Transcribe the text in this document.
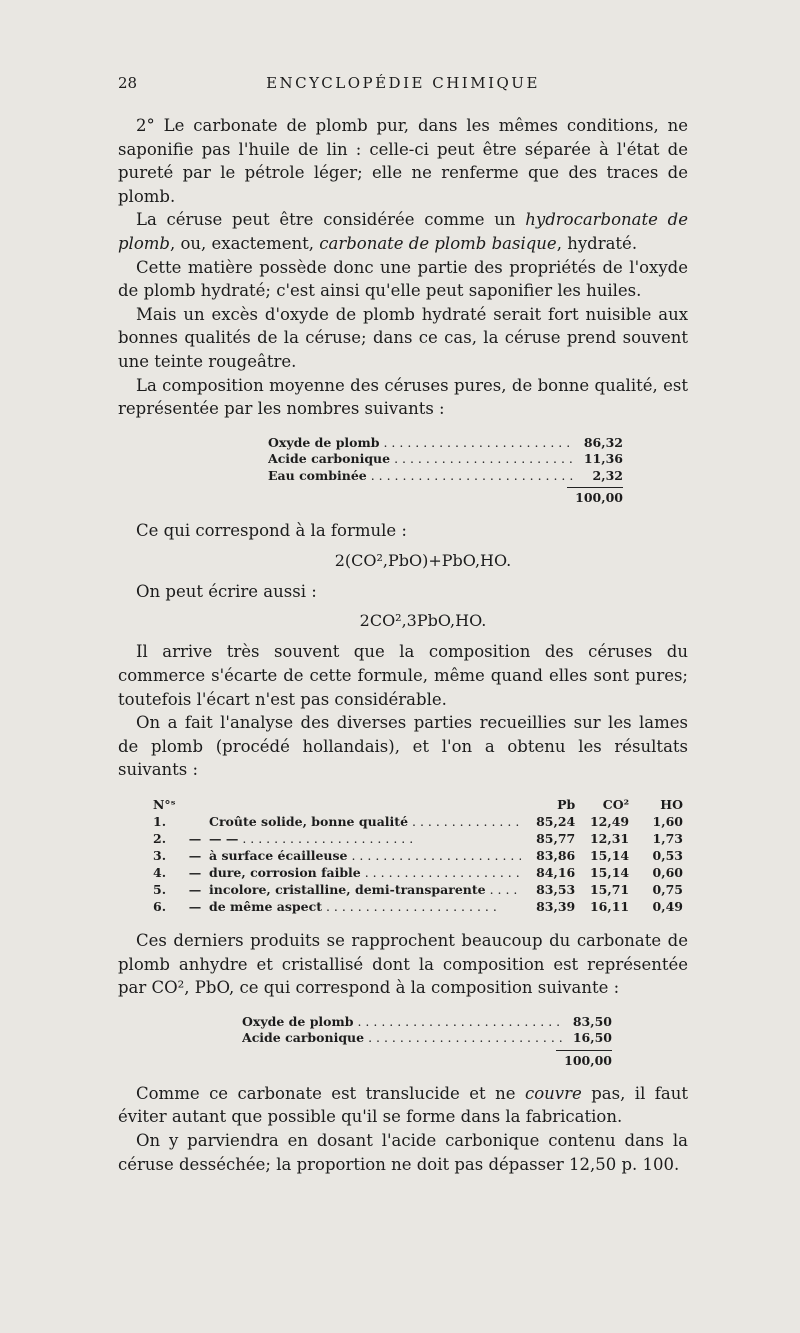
28	ENCYCLOPÉDIE CHIMIQUE

2° Le carbonate de plomb pur, dans les mêmes conditions, ne saponifie pas l'huile de lin : celle-ci peut être séparée à l'état de pureté par le pétrole léger; elle ne renferme que des traces de plomb.

La céruse peut être considérée comme un hydrocarbonate de plomb, ou, exactement, carbonate de plomb basique, hydraté.

Cette matière possède donc une partie des propriétés de l'oxyde de plomb hydraté; c'est ainsi qu'elle peut saponifier les huiles.

Mais un excès d'oxyde de plomb hydraté serait fort nuisible aux bonnes qualités de la céruse; dans ce cas, la céruse prend souvent une teinte rougeâtre.

La composition moyenne des céruses pures, de bonne qualité, est représentée par les nombres suivants :

Oxyde de plomb . . .	86,32
Acide carbonique . . .	11,36
Eau combinée . . .	2,32
100,00

Ce qui correspond à la formule :

2(CO²,PbO)+PbO,HO.

On peut écrire aussi :

2CO²,3PbO,HO.

Il arrive très souvent que la composition des céruses du commerce s'écarte de cette formule, même quand elles sont pures; toutefois l'écart n'est pas considérable.

On a fait l'analyse des diverses parties recueillies sur les lames de plomb (procédé hollandais), et l'on a obtenu les résultats suivants :

N°ˢ			Pb	CO²	HO
1.		Croûte solide, bonne qualité . . .	85,24	12,49	1,60
2.	—	— — . . .	85,77	12,31	1,73
3.	—	à surface écailleuse . . .	83,86	15,14	0,53
4.	—	dure, corrosion faible . . .	84,16	15,14	0,60
5.	—	incolore, cristalline, demi-transparente . . .	83,53	15,71	0,75
6.	—	de même aspect . . .	83,39	16,11	0,49

Ces derniers produits se rapprochent beaucoup du carbonate de plomb anhydre et cristallisé dont la composition est représentée par CO², PbO, ce qui correspond à la composition suivante :

Oxyde de plomb . . .	83,50
Acide carbonique . . .	16,50
100,00

Comme ce carbonate est translucide et ne couvre pas, il faut éviter autant que possible qu'il se forme dans la fabrication.

On y parviendra en dosant l'acide carbonique contenu dans la céruse desséchée; la proportion ne doit pas dépasser 12,50 p. 100.
